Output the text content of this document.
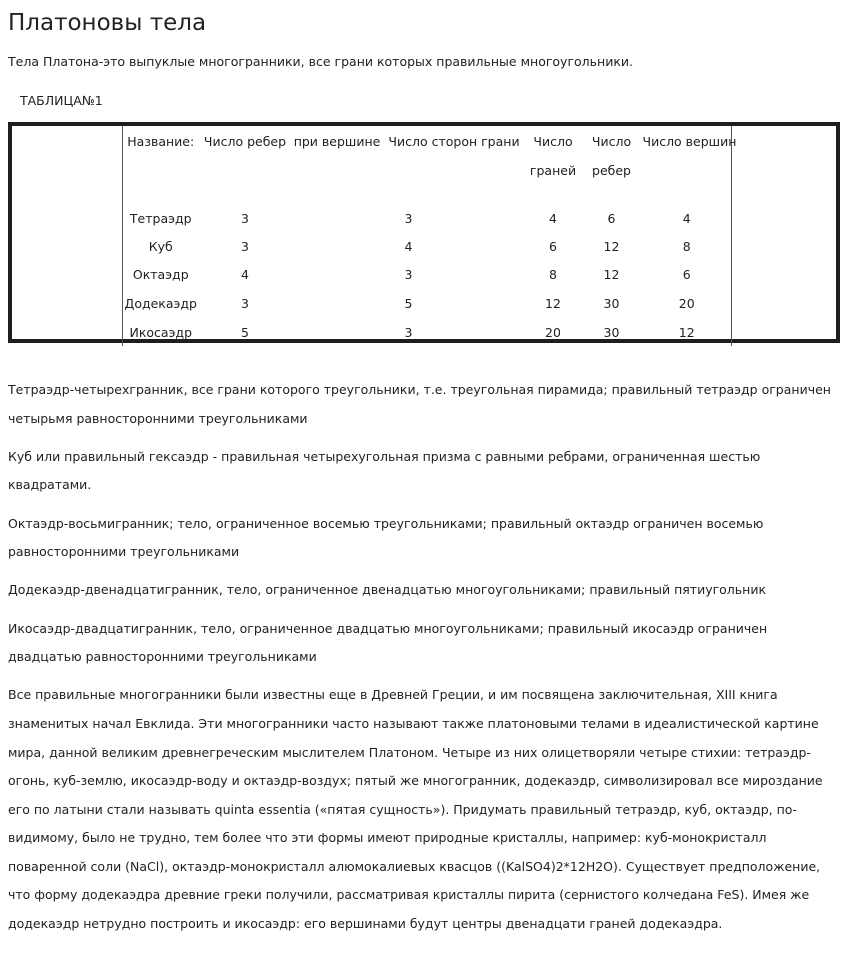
Платоновы тела

Тела Платона-это выпуклые многогранники, все грани которых правильные многоугольники.

ТАБЛИЦА№1

Название:	Число ребер	при вершине	Число сторон грани	Число	Число	Число вершин
				граней	ребер	
Тетраэдр	3	3		4	6	4
Куб	3	4		6	12	8
Октаэдр	4	3		8	12	6
Додекаэдр	3	5		12	30	20
Икосаэдр	5	3		20	30	12

Тетраэдр-четырехгранник, все грани которого треугольники, т.е. треугольная пирамида; правильный тетраэдр ограничен четырьмя равносторонними треугольниками

Куб или правильный гексаэдр - правильная четырехугольная призма с равными ребрами, ограниченная шестью квадратами.

Октаэдр-восьмигранник; тело, ограниченное восемью треугольниками; правильный октаэдр ограничен восемью равносторонними треугольниками

Додекаэдр-двенадцатигранник, тело, ограниченное двенадцатью многоугольниками; правильный пятиугольник

Икосаэдр-двадцатигранник, тело, ограниченное двадцатью многоугольниками; правильный икосаэдр ограничен двадцатью равносторонними треугольниками

Все правильные многогранники были известны еще в Древней Греции, и им посвящена заключительная, XIII книга знаменитых начал Евклида. Эти многогранники часто называют также платоновыми телами в идеалистической картине мира, данной великим древнегреческим мыслителем Платоном. Четыре из них олицетворяли четыре стихии: тетраэдр-огонь, куб-землю, икосаэдр-воду и октаэдр-воздух; пятый же многогранник, додекаэдр, символизировал все мироздание его по латыни стали называть quinta essentia («пятая сущность»). Придумать правильный тетраэдр, куб, октаэдр, по-видимому, было не трудно, тем более что эти формы имеют природные кристаллы, например: куб-монокристалл поваренной соли (NaCl), октаэдр-монокристалл алюмокалиевых квасцов ((KalSO4)2*12H2O). Существует предположение, что форму додекаэдра древние греки получили, рассматривая кристаллы пирита (сернистого колчедана FeS). Имея же додекаэдр нетрудно построить и икосаэдр: его вершинами будут центры двенадцати граней додекаэдра.
